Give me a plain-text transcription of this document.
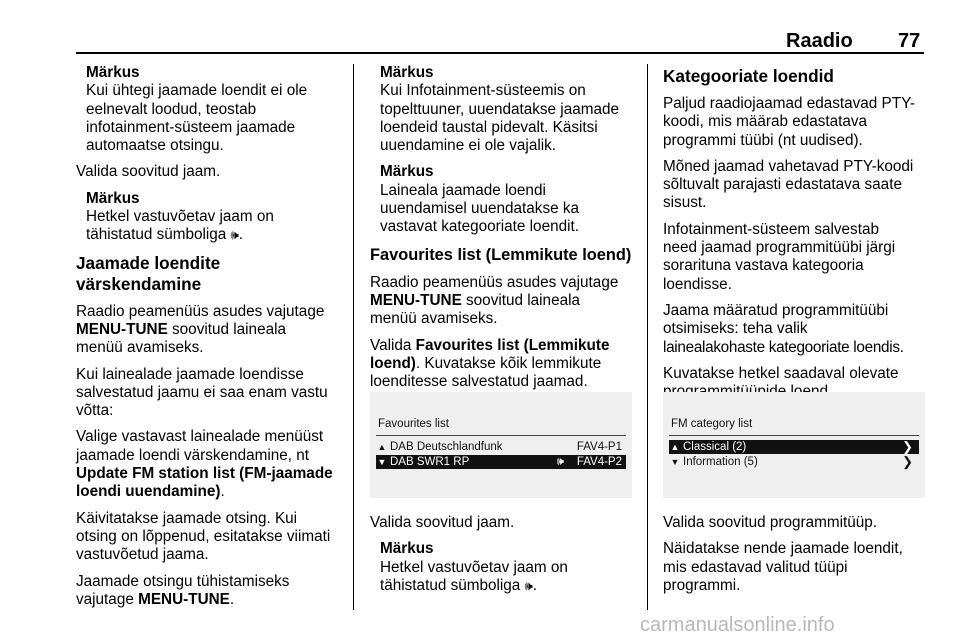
Raadio 77

Märkus
Kui ühtegi jaamade loendit ei ole
eelnevalt loodud, teostab
infotainment-süsteem jaamade
automaatse otsingu.

Valida soovitud jaam.

Märkus
Hetkel vastuvõetav jaam on
tähistatud sümboliga 🕪.

Jaamade loendite
värskendamine

Raadio peamenüüs asudes vajutage
MENU-TUNE soovitud laineala
menüü avamiseks.

Kui lainealade jaamade loendisse
salvestatud jaamu ei saa enam vastu
võtta:

Valige vastavast lainealade menüüst
jaamade loendi värskendamine, nt
Update FM station list (FM-jaamade
loendi uuendamine).

Käivitatakse jaamade otsing. Kui
otsing on lõppenud, esitatakse viimati
vastuvõetud jaama.

Jaamade otsingu tühistamiseks
vajutage MENU-TUNE.

Märkus
Kui Infotainment-süsteemis on
topelttuuner, uuendatakse jaamade
loendeid taustal pidevalt. Käsitsi
uuendamine ei ole vajalik.

Märkus
Laineala jaamade loendi
uuendamisel uuendatakse ka
vastavat kategooriate loendit.

Favourites list (Lemmikute loend)

Raadio peamenüüs asudes vajutage
MENU-TUNE soovitud laineala
menüü avamiseks.

Valida Favourites list (Lemmikute
loend). Kuvatakse kõik lemmikute
loenditesse salvestatud jaamad.

Favourites list
▲ DAB Deutschlandfunk	FAV4-P1
▼ DAB SWR1 RP	🕪 FAV4-P2

Valida soovitud jaam.

Märkus
Hetkel vastuvõetav jaam on
tähistatud sümboliga 🕪.

Kategooriate loendid

Paljud raadiojaamad edastavad PTY-
koodi, mis määrab edastatava
programmi tüübi (nt uudised).

Mõned jaamad vahetavad PTY-koodi
sõltuvalt parajasti edastatava saate
sisust.

Infotainment-süsteem salvestab
need jaamad programmitüübi järgi
sorarituna vastava kategooria
loendisse.

Jaama määratud programmitüübi
otsimiseks: teha valik
lainealakohaste kategooriate loendis.

Kuvatakse hetkel saadaval olevate

FM category list
▲ Classical (2)	❯
▼ Information (5)	❯

Valida soovitud programmitüüp.

Näidatakse nende jaamade loendit,
mis edastavad valitud tüüpi
programmi.

carmanualsonline.info
